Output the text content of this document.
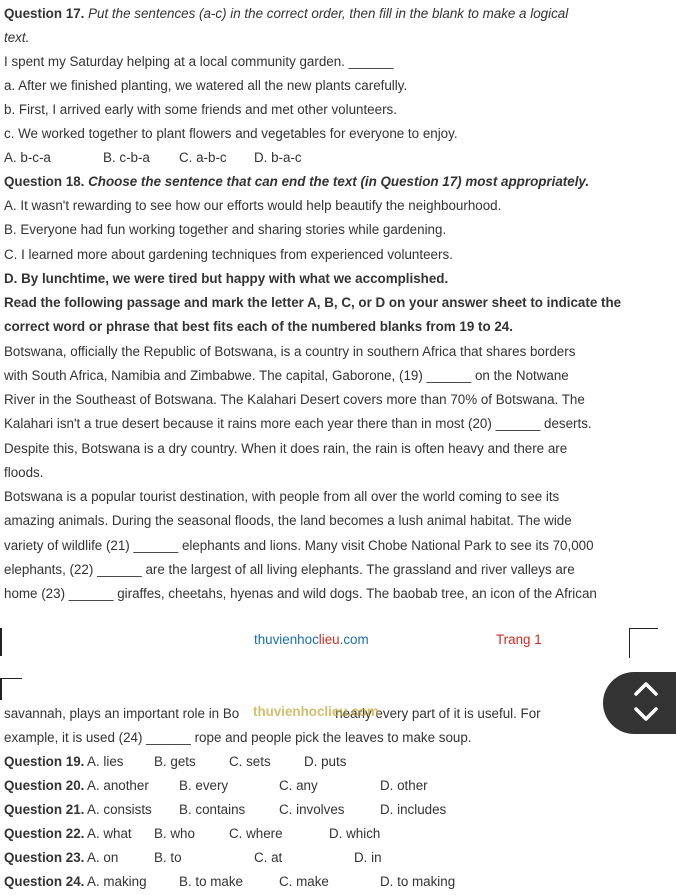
Question 17. Put the sentences (a-c) in the correct order, then fill in the blank to make a logical
text.
I spent my Saturday helping at a local community garden. ______
a. After we finished planting, we watered all the new plants carefully.
b. First, I arrived early with some friends and met other volunteers.
c. We worked together to plant flowers and vegetables for everyone to enjoy.
A. b-c-a	B. c-b-a C. a-b-c D. b-a-c
Question 18. Choose the sentence that can end the text (in Question 17) most appropriately.
A. It wasn't rewarding to see how our efforts would help beautify the neighbourhood.
B. Everyone had fun working together and sharing stories while gardening.
C. I learned more about gardening techniques from experienced volunteers.
D. By lunchtime, we were tired but happy with what we accomplished.
Read the following passage and mark the letter A, B, C, or D on your answer sheet to indicate the
correct word or phrase that best fits each of the numbered blanks from 19 to 24.
Botswana, officially the Republic of Botswana, is a country in southern Africa that shares borders
with South Africa, Namibia and Zimbabwe. The capital, Gaborone, (19) ______ on the Notwane
River in the Southeast of Botswana. The Kalahari Desert covers more than 70% of Botswana. The
Kalahari isn't a true desert because it rains more each year there than in most (20) ______ deserts.
Despite this, Botswana is a dry country. When it does rain, the rain is often heavy and there are
floods.
Botswana is a popular tourist destination, with people from all over the world coming to see its
amazing animals. During the seasonal floods, the land becomes a lush animal habitat. The wide
variety of wildlife (21) ______ elephants and lions. Many visit Chobe National Park to see its 70,000
elephants, (22) ______ are the largest of all living elephants. The grassland and river valleys are
home (23) ______ giraffes, cheetahs, hyenas and wild dogs. The baobab tree, an icon of the African
thuvienhoclieu.com	Trang 1
savannah, plays an important role in Bo	nearly every part of it is useful. For
thuvienhoclieu.com
example, it is used (24) ______ rope and people pick the leaves to make soup.
Question 19. A. lies B. gets C. sets D. puts
Question 20. A. another B. every	C. any	D. other
Question 21. A. consists B. contains	C. involves	D. includes
Question 22. A. what B. who	C. where	D. which
Question 23. A. on	B. to	C. at	D. in
Question 24. A. making B. to make	C. make	D. to making
